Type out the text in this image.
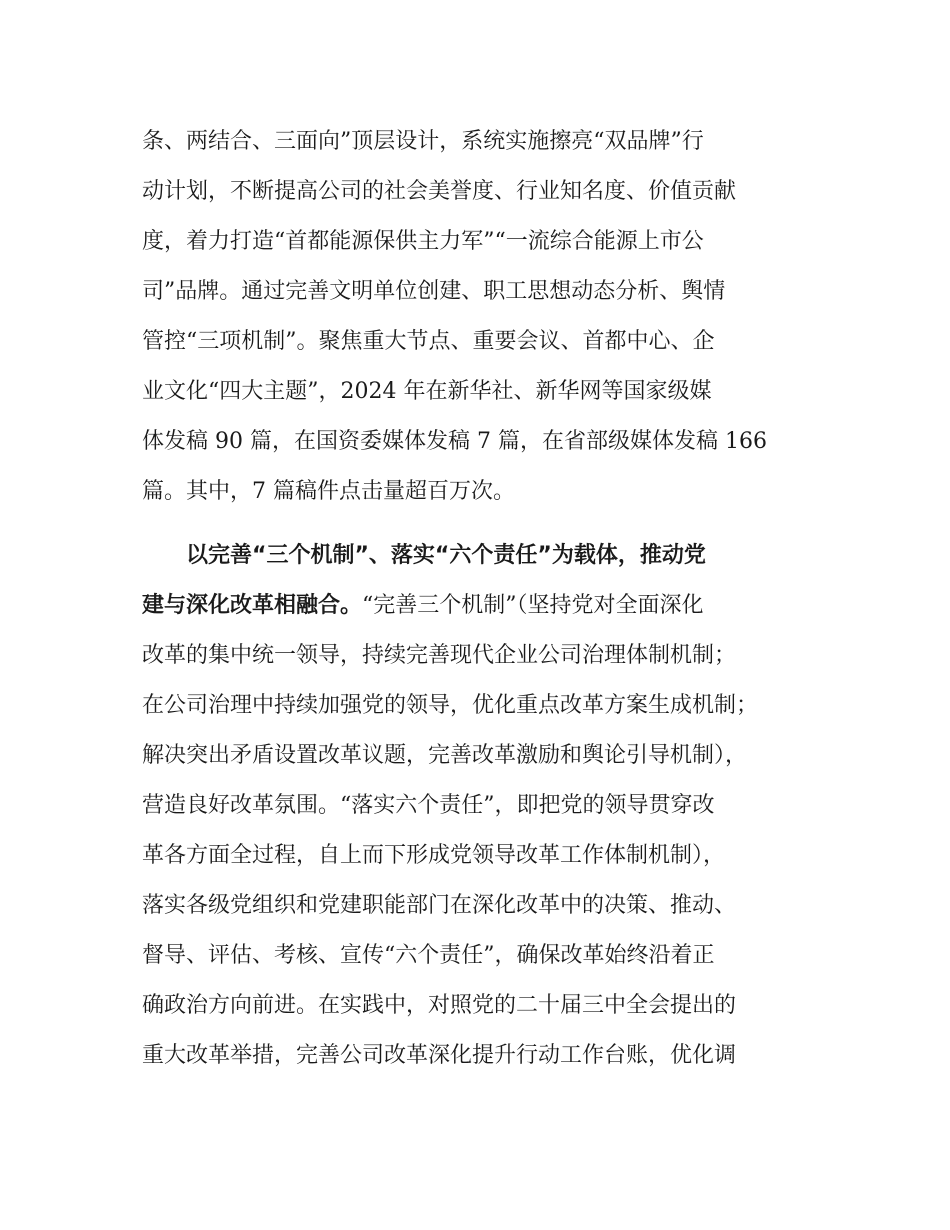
条、两结合、三面向”顶层设计，系统实施擦亮“双品牌”行
动计划，不断提高公司的社会美誉度、行业知名度、价值贡献
度，着力打造“首都能源保供主力军”“一流综合能源上市公
司”品牌。通过完善文明单位创建、职工思想动态分析、舆情
管控“三项机制”。聚焦重大节点、重要会议、首都中心、企
业文化“四大主题”，2024 年在新华社、新华网等国家级媒
体发稿 90 篇，在国资委媒体发稿 7 篇，在省部级媒体发稿 166
篇。其中，7 篇稿件点击量超百万次。
以完善“三个机制”、落实“六个责任”为载体，推动党
建与深化改革相融合。“完善三个机制”（坚持党对全面深化
改革的集中统一领导，持续完善现代企业公司治理体制机制；
在公司治理中持续加强党的领导，优化重点改革方案生成机制；
解决突出矛盾设置改革议题，完善改革激励和舆论引导机制），
营造良好改革氛围。“落实六个责任”，即把党的领导贯穿改
革各方面全过程，自上而下形成党领导改革工作体制机制），
落实各级党组织和党建职能部门在深化改革中的决策、推动、
督导、评估、考核、宣传“六个责任”，确保改革始终沿着正
确政治方向前进。在实践中，对照党的二十届三中全会提出的
重大改革举措，完善公司改革深化提升行动工作台账，优化调
